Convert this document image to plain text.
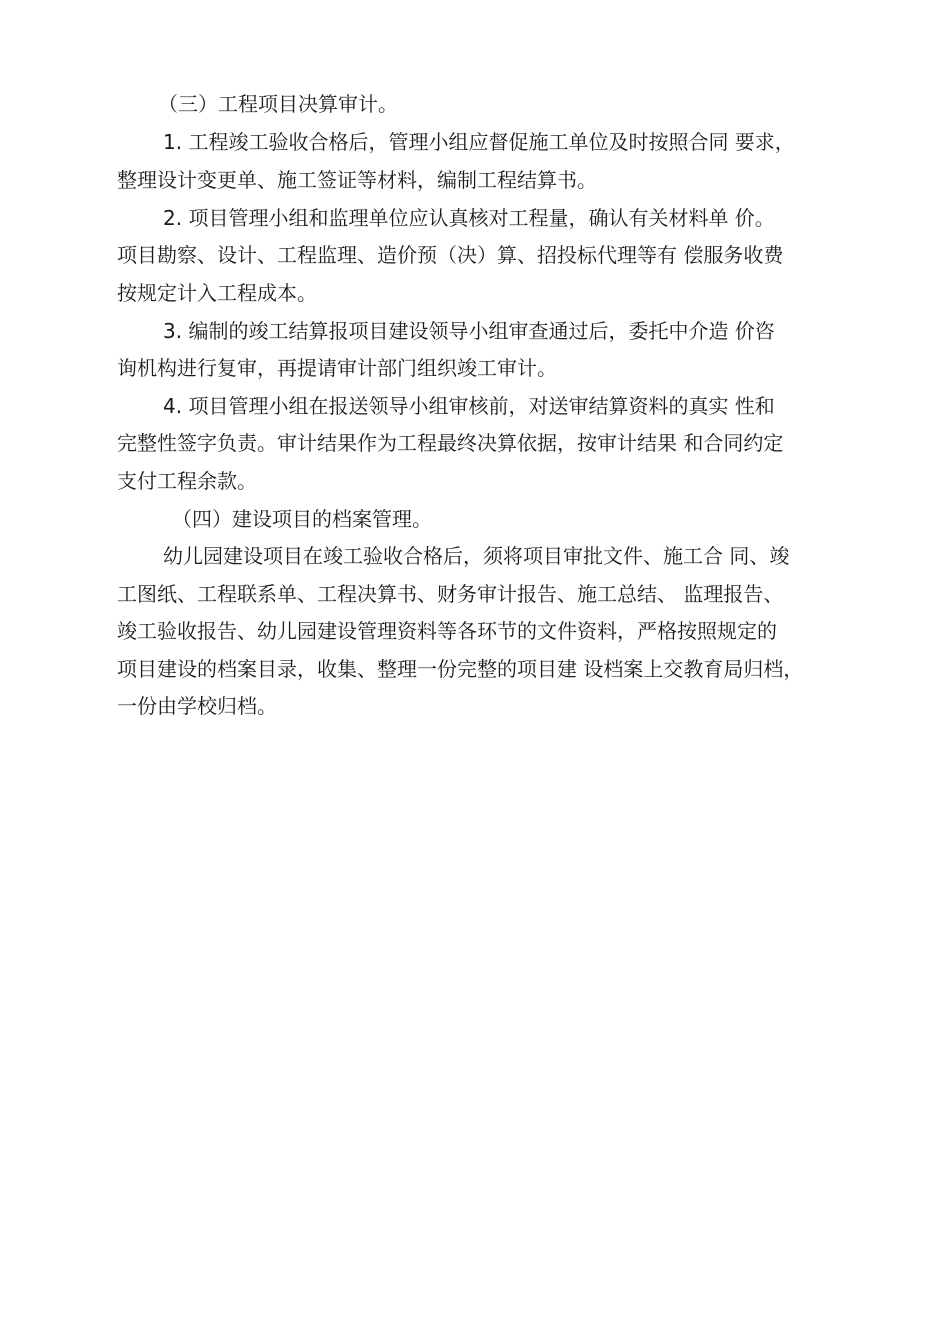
（三）工程项目决算审计。
1. 工程竣工验收合格后，管理小组应督促施工单位及时按照合同 要求，
整理设计变更单、施工签证等材料，编制工程结算书。
2. 项目管理小组和监理单位应认真核对工程量，确认有关材料单 价。
项目勘察、设计、工程监理、造价预（决）算、招投标代理等有 偿服务收费
按规定计入工程成本。
3. 编制的竣工结算报项目建设领导小组审查通过后，委托中介造 价咨
询机构进行复审，再提请审计部门组织竣工审计。
4. 项目管理小组在报送领导小组审核前，对送审结算资料的真实 性和
完整性签字负责。审计结果作为工程最终决算依据，按审计结果 和合同约定
支付工程余款。
（四）建设项目的档案管理。
幼儿园建设项目在竣工验收合格后，须将项目审批文件、施工合 同、竣
工图纸、工程联系单、工程决算书、财务审计报告、施工总结、 监理报告、
竣工验收报告、幼儿园建设管理资料等各环节的文件资料，严格按照规定的
项目建设的档案目录，收集、整理一份完整的项目建 设档案上交教育局归档，
一份由学校归档。
